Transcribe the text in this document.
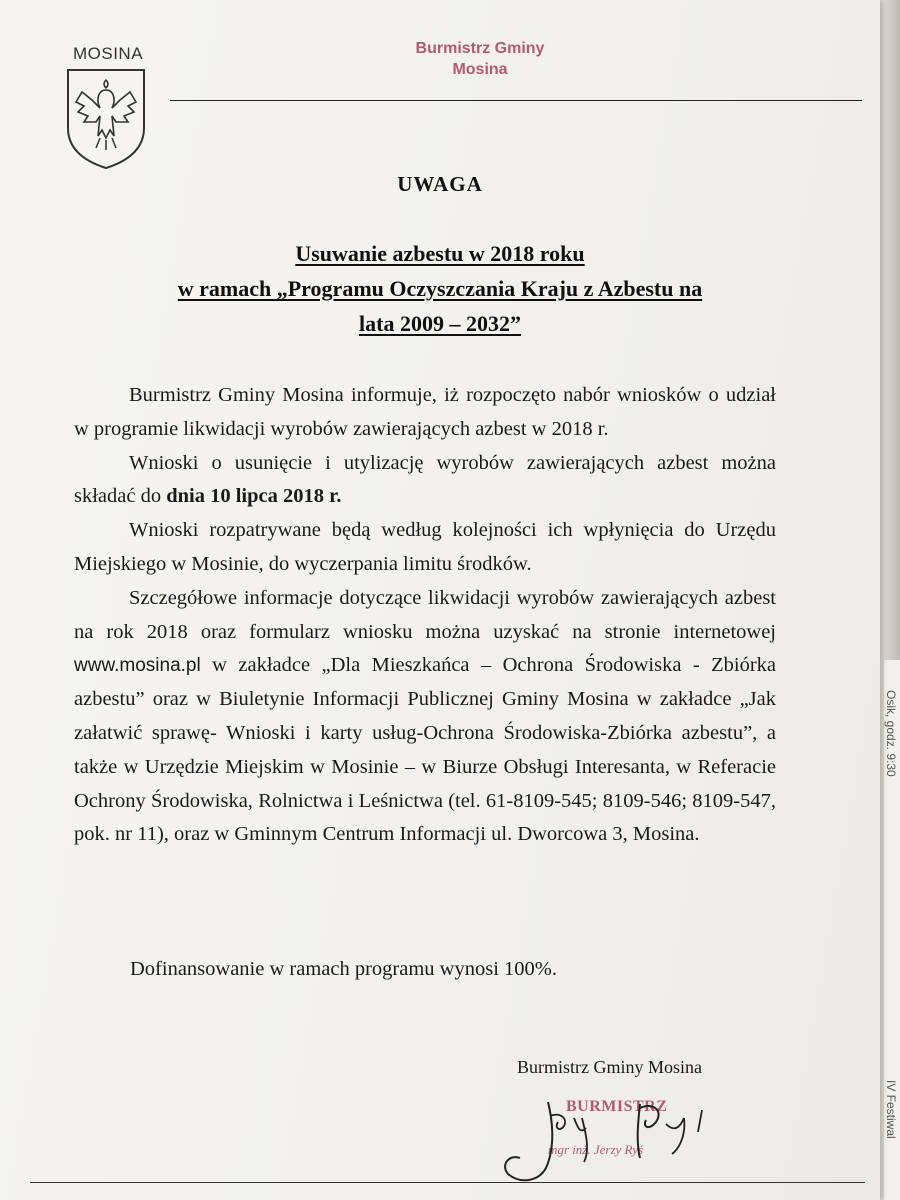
IV Festiwal
Osik, godz. 9:30
MOSINA	Burmistrz Gminy
Mosina
UWAGA
Usuwanie azbestu w 2018 roku
w ramach „Programu Oczyszczania Kraju z Azbestu na
lata 2009 – 2032”

Burmistrz Gminy Mosina informuje, iż rozpoczęto nabór wniosków o udział w programie likwidacji wyrobów zawierających azbest w 2018 r.

Wnioski o usunięcie i utylizację wyrobów zawierających azbest można składać do dnia 10 lipca 2018 r.

Wnioski rozpatrywane będą według kolejności ich wpłynięcia do Urzędu Miejskiego w Mosinie, do wyczerpania limitu środków.

Szczegółowe informacje dotyczące likwidacji wyrobów zawierających azbest na rok 2018 oraz formularz wniosku można uzyskać na stronie internetowej www.mosina.pl w zakładce „Dla Mieszkańca – Ochrona Środowiska - Zbiórka azbestu” oraz w Biuletynie Informacji Publicznej Gminy Mosina w zakładce „Jak załatwić sprawę- Wnioski i karty usług-Ochrona Środowiska-Zbiórka azbestu”, a także w Urzędzie Miejskim w Mosinie – w Biurze Obsługi Interesanta, w Referacie Ochrony Środowiska, Rolnictwa i Leśnictwa (tel. 61-8109-545; 8109-546; 8109-547, pok. nr 11), oraz w Gminnym Centrum Informacji ul. Dworcowa 3, Mosina.

Dofinansowanie w ramach programu wynosi 100%.
Burmistrz Gminy Mosina
BURMISTRZ
mgr inż. Jerzy Ryś
